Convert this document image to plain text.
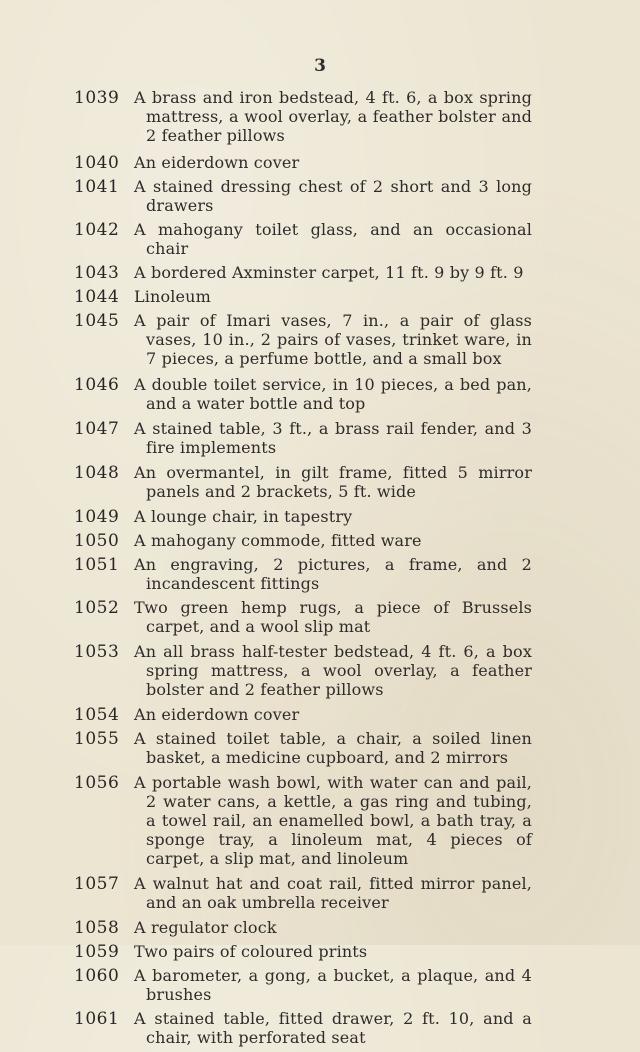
3
1039 A brass and iron bedstead, 4 ft. 6, a box spring mattress, a wool overlay, a feather bolster and 2 feather pillows
1040 An eiderdown cover
1041 A stained dressing chest of 2 short and 3 long drawers
1042 A mahogany toilet glass, and an occasional chair
1043 A bordered Axminster carpet, 11 ft. 9 by 9 ft. 9
1044 Linoleum
1045 A pair of Imari vases, 7 in., a pair of glass vases, 10 in., 2 pairs of vases, trinket ware, in 7 pieces, a perfume bottle, and a small box
1046 A double toilet service, in 10 pieces, a bed pan, and a water bottle and top
1047 A stained table, 3 ft., a brass rail fender, and 3 fire implements
1048 An overmantel, in gilt frame, fitted 5 mirror panels and 2 brackets, 5 ft. wide
1049 A lounge chair, in tapestry
1050 A mahogany commode, fitted ware
1051 An engraving, 2 pictures, a frame, and 2 incandescent fittings
1052 Two green hemp rugs, a piece of Brussels carpet, and a wool slip mat
1053 An all brass half-tester bedstead, 4 ft. 6, a box spring mattress, a wool overlay, a feather bolster and 2 feather pillows
1054 An eiderdown cover
1055 A stained toilet table, a chair, a soiled linen basket, a medicine cupboard, and 2 mirrors
1056 A portable wash bowl, with water can and pail, 2 water cans, a kettle, a gas ring and tubing, a towel rail, an enamelled bowl, a bath tray, a sponge tray, a linoleum mat, 4 pieces of carpet, a slip mat, and linoleum
1057 A walnut hat and coat rail, fitted mirror panel, and an oak umbrella receiver
1058 A regulator clock
1059 Two pairs of coloured prints
1060 A barometer, a gong, a bucket, a plaque, and 4 brushes
1061 A stained table, fitted drawer, 2 ft. 10, and a chair, with perforated seat
